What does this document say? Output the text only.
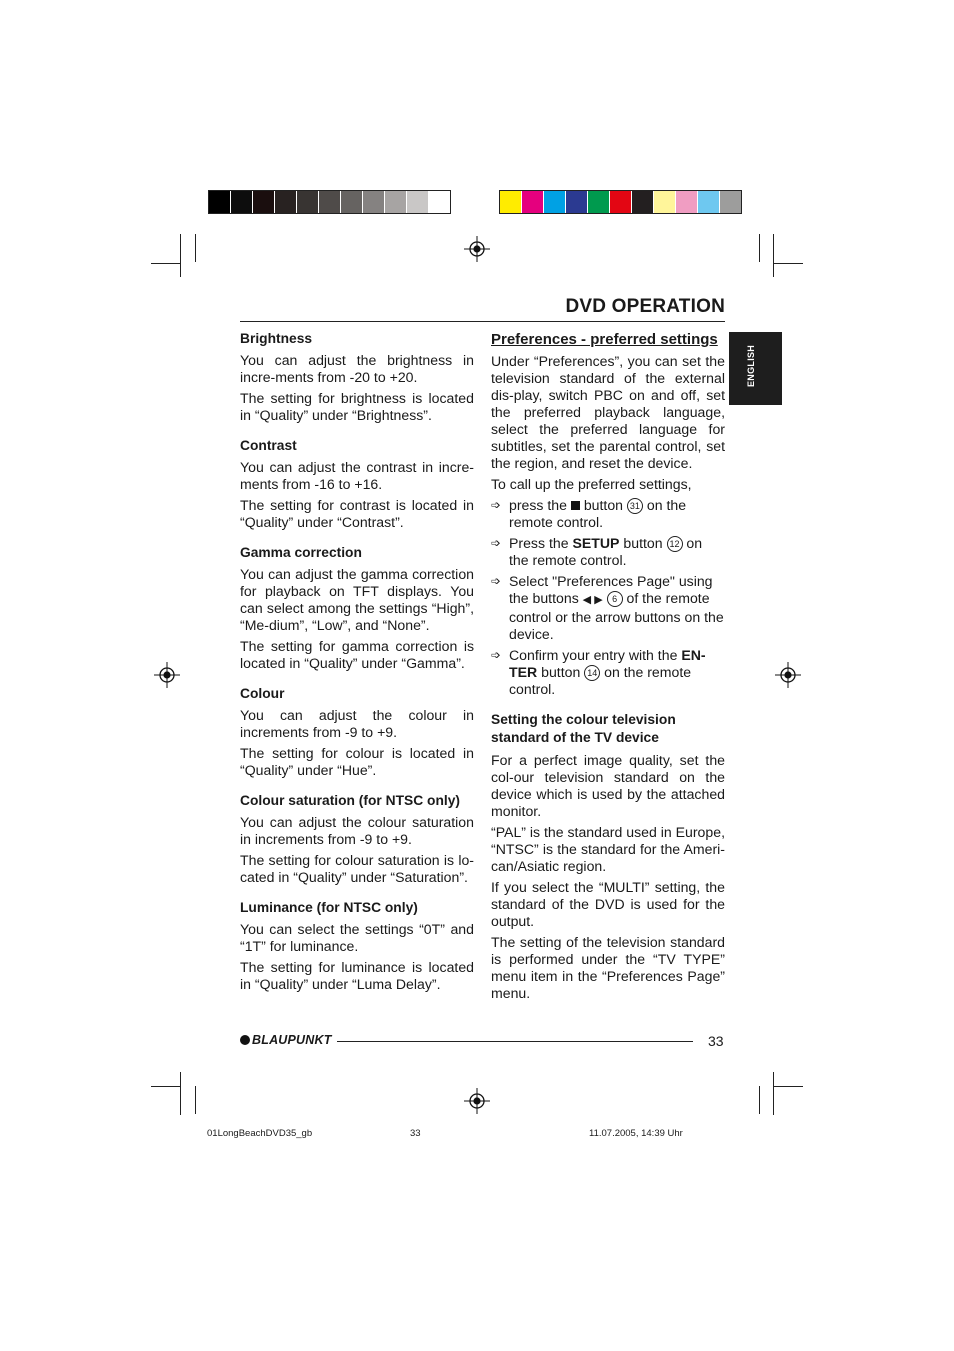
DVD OPERATION
ENGLISH
Brightness
You can adjust the brightness in incre-ments from -20 to +20.
The setting for brightness is located in “Quality” under “Brightness”.
Contrast
You can adjust the contrast in incre-ments from -16 to +16.
The setting for contrast is located in “Quality” under “Contrast”.
Gamma correction
You can adjust the gamma correction for playback on TFT displays. You can select among the settings “High”, “Me-dium”, “Low”, and “None”.
The setting for gamma correction is located in “Quality” under “Gamma”.
Colour
You can adjust the colour in increments from -9 to +9.
The setting for colour is located in “Quality” under “Hue”.
Colour saturation (for NTSC only)
You can adjust the colour saturation in increments from -9 to +9.
The setting for colour saturation is lo-cated in “Quality” under “Saturation”.
Luminance (for NTSC only)
You can select the settings “0T” and “1T” for luminance.
The setting for luminance is located in “Quality” under “Luma Delay”.
Preferences - preferred settings
Under “Preferences”, you can set the television standard of the external dis-play, switch PBC on and off, set the preferred playback language, select the preferred language for subtitles, set the parental control, set the region, and reset the device.
To call up the preferred settings,
➩ press the button 31 on the remote control.
➩ Press the SETUP button 12 on the remote control.
➩ Select "Preferences Page" using the buttons ◀ ▶ 6 of the remote control or the arrow buttons on the device.
➩ Confirm your entry with the EN-TER button 14 on the remote control.
Setting the colour television standard of the TV device
For a perfect image quality, set the col-our television standard on the device which is used by the attached monitor.
“PAL” is the standard used in Europe, “NTSC” is the standard for the Ameri-can/Asiatic region.
If you select the “MULTI” setting, the standard of the DVD is used for the output.
The setting of the television standard is performed under the “TV TYPE” menu item in the “Preferences Page” menu.
BLAUPUNKT	33
01LongBeachDVD35_gb	33	11.07.2005, 14:39 Uhr
